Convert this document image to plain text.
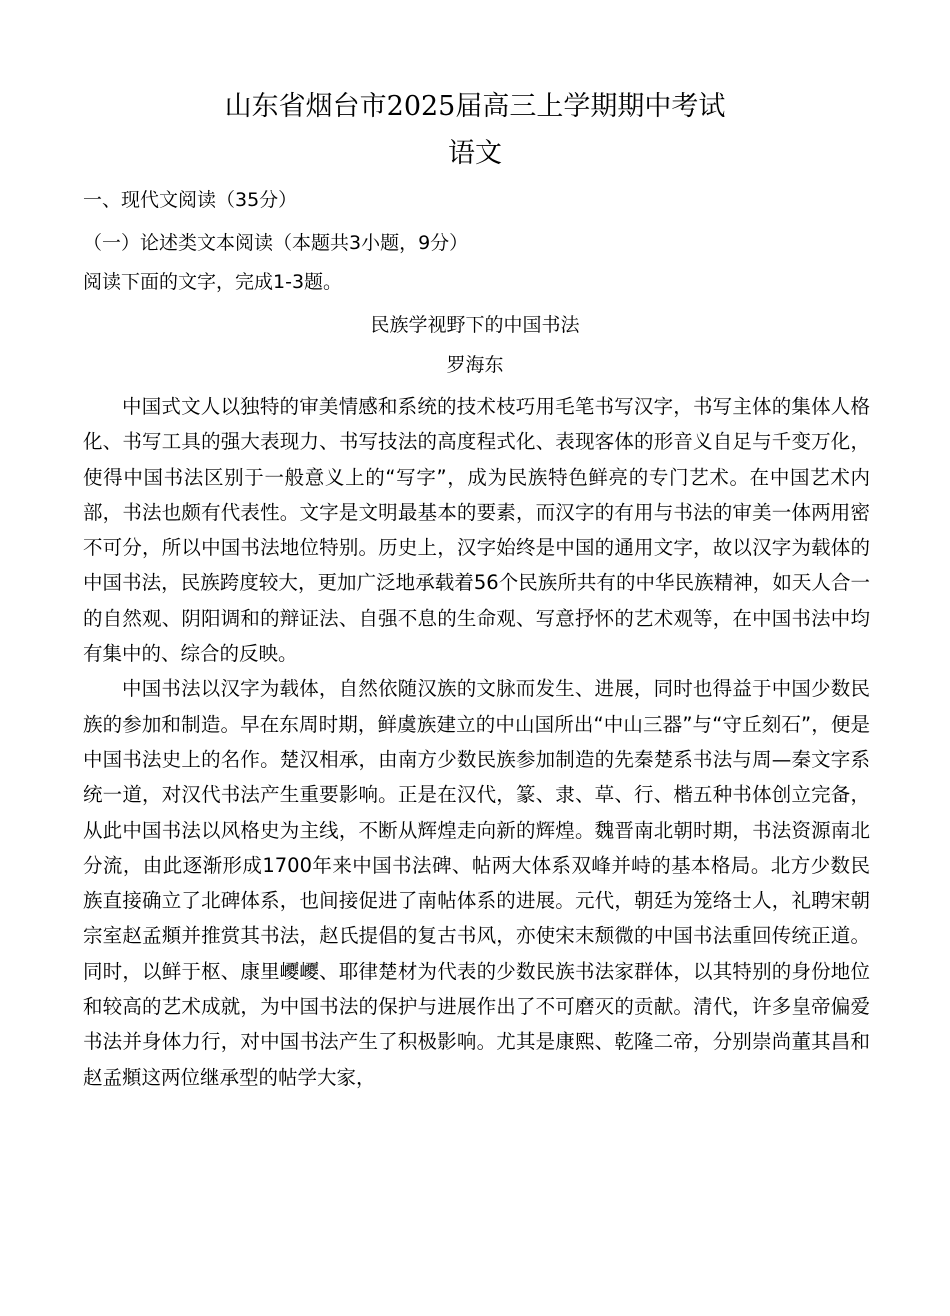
山东省烟台市2025届高三上学期期中考试
语文
一、现代文阅读（35分）
（一）论述类文本阅读（本题共3小题，9分）
阅读下面的文字，完成1-3题。
民族学视野下的中国书法
罗海东

中国式文人以独特的审美情感和系统的技术枝巧用毛笔书写汉字，书写主体的集体人格化、书写工具的强大表现力、书写技法的高度程式化、表现客体的形音义自足与千变万化，使得中国书法区别于一般意义上的“写字”，成为民族特色鲜亮的专门艺术。在中国艺术内部，书法也颇有代表性。文字是文明最基本的要素，而汉字的有用与书法的审美一体两用密不可分，所以中国书法地位特别。历史上，汉字始终是中国的通用文字，故以汉字为载体的中国书法，民族跨度较大，更加广泛地承载着56个民族所共有的中华民族精神，如天人合一的自然观、阴阳调和的辩证法、自强不息的生命观、写意抒怀的艺术观等，在中国书法中均有集中的、综合的反映。

中国书法以汉字为载体，自然依随汉族的文脉而发生、进展，同时也得益于中国少数民族的参加和制造。早在东周时期，鲜虞族建立的中山国所出“中山三器”与“守丘刻石”，便是中国书法史上的名作。楚汉相承，由南方少数民族参加制造的先秦楚系书法与周—秦文字系统一道，对汉代书法产生重要影响。正是在汉代，篆、隶、草、行、楷五种书体创立完备，从此中国书法以风格史为主线，不断从辉煌走向新的辉煌。魏晋南北朝时期，书法资源南北分流，由此逐渐形成1700年来中国书法碑、帖两大体系双峰并峙的基本格局。北方少数民族直接确立了北碑体系，也间接促进了南帖体系的进展。元代，朝廷为笼络士人，礼聘宋朝宗室赵孟頫并推赏其书法，赵氏提倡的复古书风，亦使宋末颓微的中国书法重回传统正道。同时，以鲜于枢、康里巎巎、耶律楚材为代表的少数民族书法家群体，以其特别的身份地位和较高的艺术成就，为中国书法的保护与进展作出了不可磨灭的贡献。清代，许多皇帝偏爱书法并身体力行，对中国书法产生了积极影响。尤其是康熙、乾隆二帝，分别崇尚董其昌和赵孟頫这两位继承型的帖学大家，
